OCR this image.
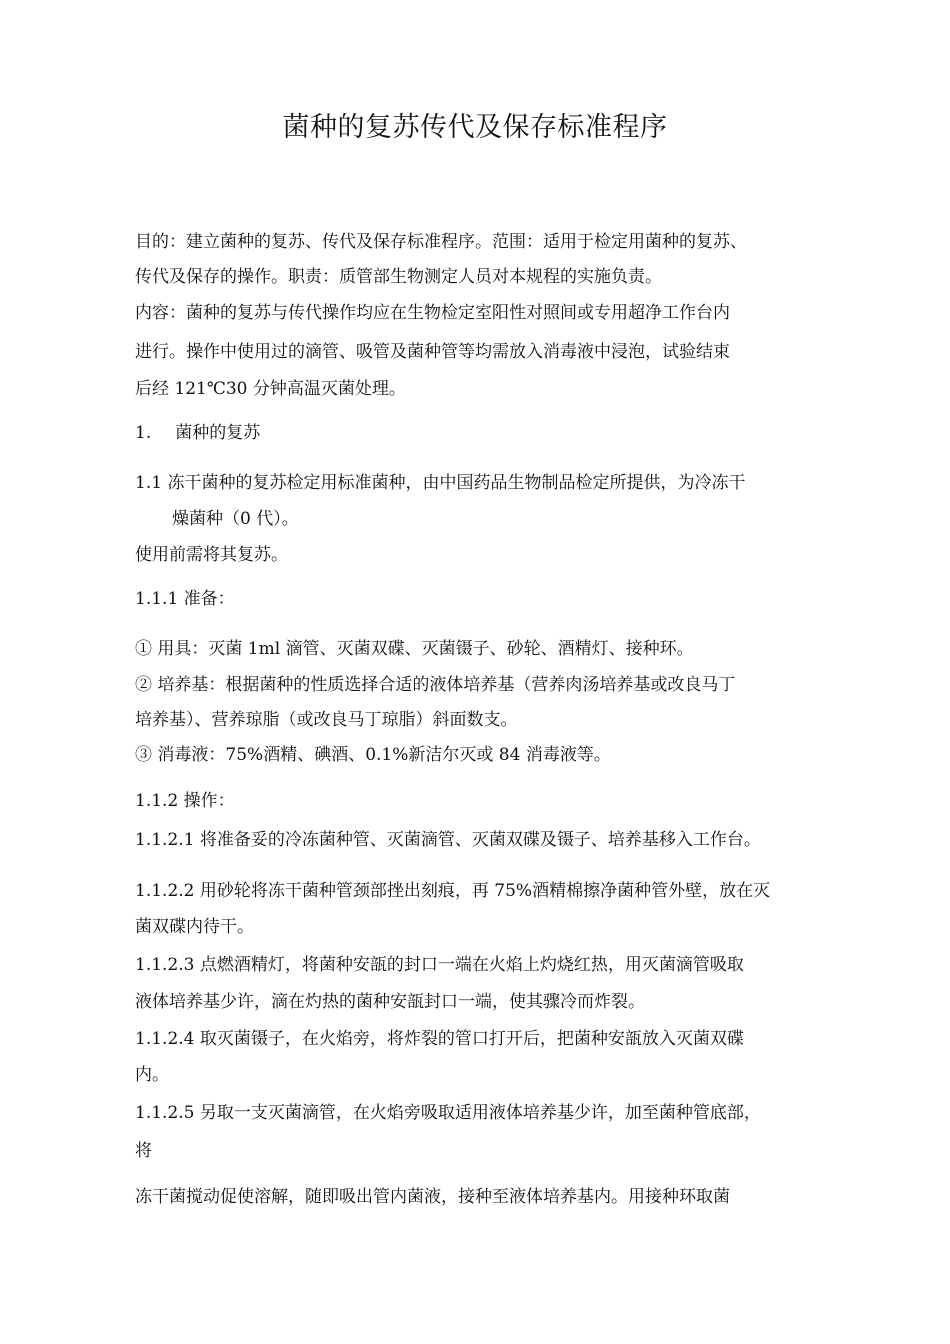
菌种的复苏传代及保存标准程序
目的：建立菌种的复苏、传代及保存标准程序。范围：适用于检定用菌种的复苏、
传代及保存的操作。职责：质管部生物测定人员对本规程的实施负责。
内容：菌种的复苏与传代操作均应在生物检定室阳性对照间或专用超净工作台内
进行。操作中使用过的滴管、吸管及菌种管等均需放入消毒液中浸泡，试验结束
后经 121℃30 分钟高温灭菌处理。
1. 菌种的复苏
1.1 冻干菌种的复苏检定用标准菌种，由中国药品生物制品检定所提供，为冷冻干
燥菌种（0 代）。
使用前需将其复苏。
1.1.1 准备：
① 用具：灭菌 1ml 滴管、灭菌双碟、灭菌镊子、砂轮、酒精灯、接种环。
② 培养基：根据菌种的性质选择合适的液体培养基（营养肉汤培养基或改良马丁
培养基）、营养琼脂（或改良马丁琼脂）斜面数支。
③ 消毒液：75%酒精、碘酒、0.1%新洁尔灭或 84 消毒液等。
1.1.2 操作：
1.1.2.1 将准备妥的冷冻菌种管、灭菌滴管、灭菌双碟及镊子、培养基移入工作台。
1.1.2.2 用砂轮将冻干菌种管颈部挫出刻痕，再 75%酒精棉擦净菌种管外壁，放在灭
菌双碟内待干。
1.1.2.3 点燃酒精灯，将菌种安瓿的封口一端在火焰上灼烧红热，用灭菌滴管吸取
液体培养基少许，滴在灼热的菌种安瓿封口一端，使其骤冷而炸裂。
1.1.2.4 取灭菌镊子，在火焰旁，将炸裂的管口打开后，把菌种安瓿放入灭菌双碟
内。
1.1.2.5 另取一支灭菌滴管，在火焰旁吸取适用液体培养基少许，加至菌种管底部，
将
冻干菌搅动促使溶解，随即吸出管内菌液，接种至液体培养基内。用接种环取菌
